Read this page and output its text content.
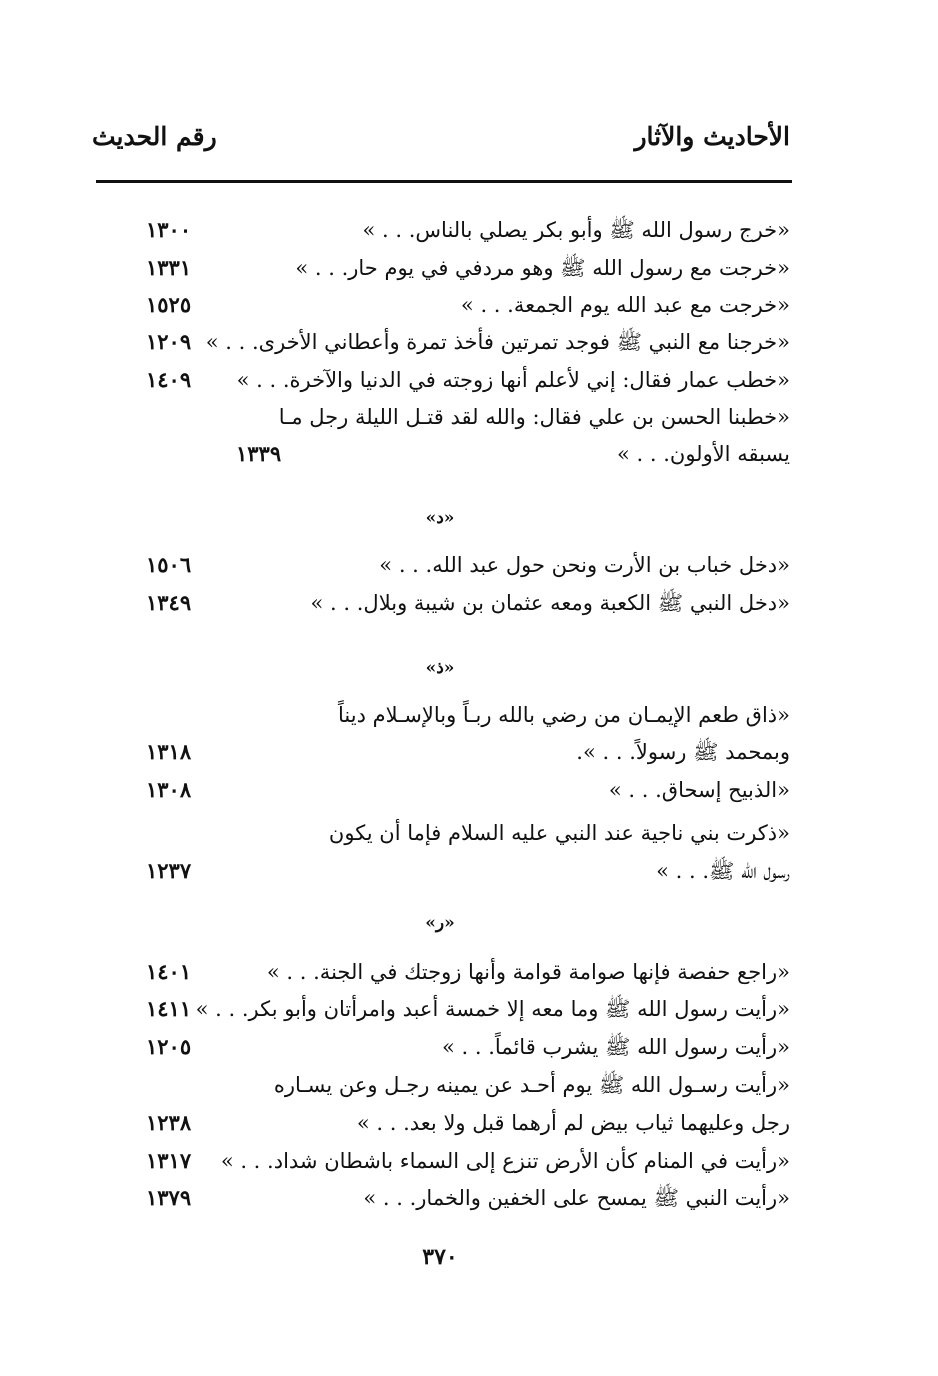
الأحاديث والآثار
رقم الحديث
«خرج رسول الله ﷺ وأبو بكر يصلي بالناس. . . »
١٣٠٠
«خرجت مع رسول الله ﷺ وهو مردفي في يوم حار. . . »
١٣٣١
«خرجت مع عبد الله يوم الجمعة. . . »
١٥٢٥
«خرجنا مع النبي ﷺ فوجد تمرتين فأخذ تمرة وأعطاني الأخرى. . . »
١٢٠٩
«خطب عمار فقال: إني لأعلم أنها زوجته في الدنيا والآخرة. . . »
١٤٠٩
«خطبنا الحسن بن علي فقال: والله لقد قتـل الليلة رجل مـا
يسبقه الأولون. . . »
١٣٣٩
«د»
«دخل خباب بن الأرت ونحن حول عبد الله. . . »
١٥٠٦
«دخل النبي ﷺ الكعبة ومعه عثمان بن شيبة وبلال. . . »
١٣٤٩
«ذ»
«ذاق طعم الإيمـان من رضي بالله ربـاً وبالإسـلام ديناً
وبمحمد ﷺ رسولاً. . . ».
١٣١٨
«الذبيح إسحاق. . . »
١٣٠٨
«ذكرت بني ناجية عند النبي عليه السلام فإما أن يكون
رسول الله ﷺ. . . »
١٢٣٧
«ر»
«راجع حفصة فإنها صوامة قوامة وأنها زوجتك في الجنة. . . »
١٤٠١
«رأيت رسول الله ﷺ وما معه إلا خمسة أعبد وامرأتان وأبو بكر. . . »
١٤١١
«رأيت رسول الله ﷺ يشرب قائماً. . . »
١٢٠٥
«رأيت رسـول الله ﷺ يوم أحـد عن يمينه رجـل وعن يسـاره
رجل وعليهما ثياب بيض لم أرهما قبل ولا بعد. . . »
١٢٣٨
«رأيت في المنام كأن الأرض تنزع إلى السماء باشطان شداد. . . »
١٣١٧
«رأيت النبي ﷺ يمسح على الخفين والخمار. . . »
١٣٧٩
٣٧٠
